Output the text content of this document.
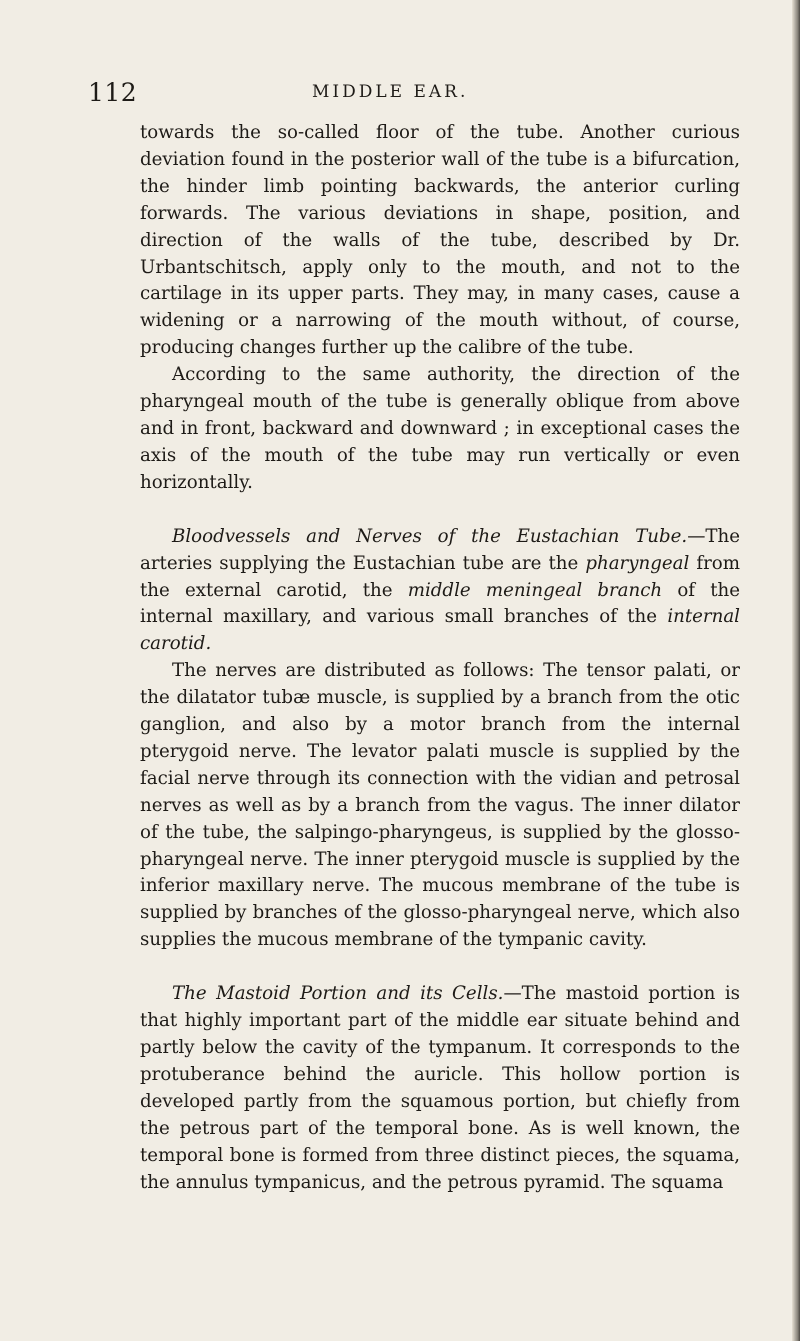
112	MIDDLE EAR.

towards the so-called floor of the tube. Another curious deviation found in the posterior wall of the tube is a bifurcation, the hinder limb pointing backwards, the anterior curling forwards. The various deviations in shape, position, and direction of the walls of the tube, described by Dr. Urbantschitsch, apply only to the mouth, and not to the cartilage in its upper parts. They may, in many cases, cause a widening or a narrowing of the mouth without, of course, producing changes further up the calibre of the tube.

According to the same authority, the direction of the pharyngeal mouth of the tube is generally oblique from above and in front, backward and downward ; in exceptional cases the axis of the mouth of the tube may run vertically or even horizontally.

Bloodvessels and Nerves of the Eustachian Tube.—The arteries supplying the Eustachian tube are the pharyngeal from the external carotid, the middle meningeal branch of the internal maxillary, and various small branches of the internal carotid.

The nerves are distributed as follows: The tensor palati, or the dilatator tubæ muscle, is supplied by a branch from the otic ganglion, and also by a motor branch from the internal pterygoid nerve. The levator palati muscle is supplied by the facial nerve through its connection with the vidian and petrosal nerves as well as by a branch from the vagus. The inner dilator of the tube, the salpingo-pharyngeus, is supplied by the glosso-pharyngeal nerve. The inner pterygoid muscle is supplied by the inferior maxillary nerve. The mucous membrane of the tube is supplied by branches of the glosso-pharyngeal nerve, which also supplies the mucous membrane of the tympanic cavity.

The Mastoid Portion and its Cells.—The mastoid portion is that highly important part of the middle ear situate behind and partly below the cavity of the tympanum. It corresponds to the protuberance behind the auricle. This hollow portion is developed partly from the squamous portion, but chiefly from the petrous part of the temporal bone. As is well known, the temporal bone is formed from three distinct pieces, the squama, the annulus tympanicus, and the petrous pyramid. The squama
